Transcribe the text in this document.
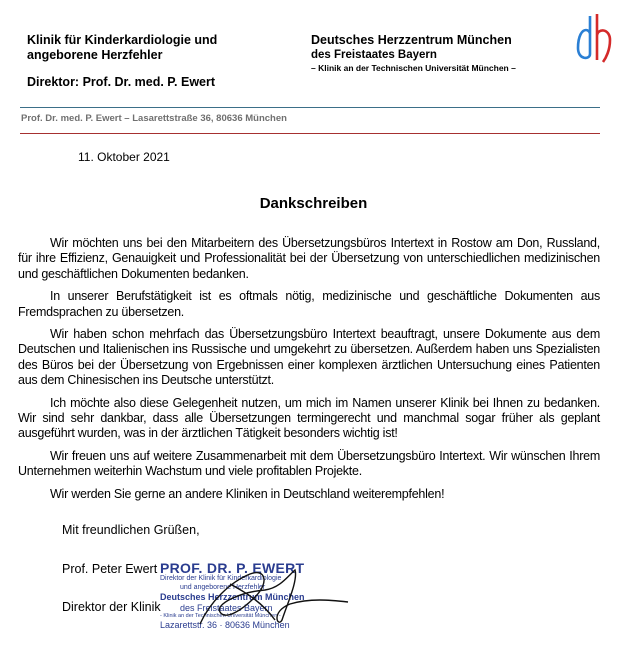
Klinik für Kinderkardiologie und
angeborene Herzfehler
Direktor: Prof. Dr. med. P. Ewert
Deutsches Herzzentrum München
des Freistaates Bayern
– Klinik an der Technischen Universität München –
Prof. Dr. med. P. Ewert – Lasarettstraße 36, 80636 München
11. Oktober 2021
Dankschreiben

Wir möchten uns bei den Mitarbeitern des Übersetzungsbüros Intertext in Rostow am Don, Russland, für ihre Effizienz, Genauigkeit und Professionalität bei der Übersetzung von unterschiedlichen medizinischen und geschäftlichen Dokumenten bedanken.

In unserer Berufstätigkeit ist es oftmals nötig, medizinische und geschäftliche Dokumenten aus Fremdsprachen zu übersetzen.

Wir haben schon mehrfach das Übersetzungsbüro Intertext beauftragt, unsere Dokumente aus dem Deutschen und Italienischen ins Russische und umgekehrt zu übersetzen. Außerdem haben uns Spezialisten des Büros bei der Übersetzung von Ergebnissen einer komplexen ärztlichen Untersuchung eines Patienten aus dem Chinesischen ins Deutsche unterstützt.

Ich möchte also diese Gelegenheit nutzen, um mich im Namen unserer Klinik bei Ihnen zu bedanken. Wir sind sehr dankbar, dass alle Übersetzungen termingerecht und manchmal sogar früher als geplant ausgeführt wurden, was in der ärztlichen Tätigkeit besonders wichtig ist!

Wir freuen uns auf weitere Zusammenarbeit mit dem Übersetzungsbüro Intertext. Wir wünschen Ihrem Unternehmen weiterhin Wachstum und viele profitablen Projekte.

Wir werden Sie gerne an andere Kliniken in Deutschland weiterempfehlen!

Mit freundlichen Grüßen,
Prof. Peter Ewert
Direktor der Klinik
PROF. DR. P. EWERT
Direktor der Klinik für Kinderkardiologie
und angeborene Herzfehler
Deutsches Herzzentrum München
des Freistaates Bayern
- Klinik an der Technischen Universität München -
Lazarettstr. 36 · 80636 München
